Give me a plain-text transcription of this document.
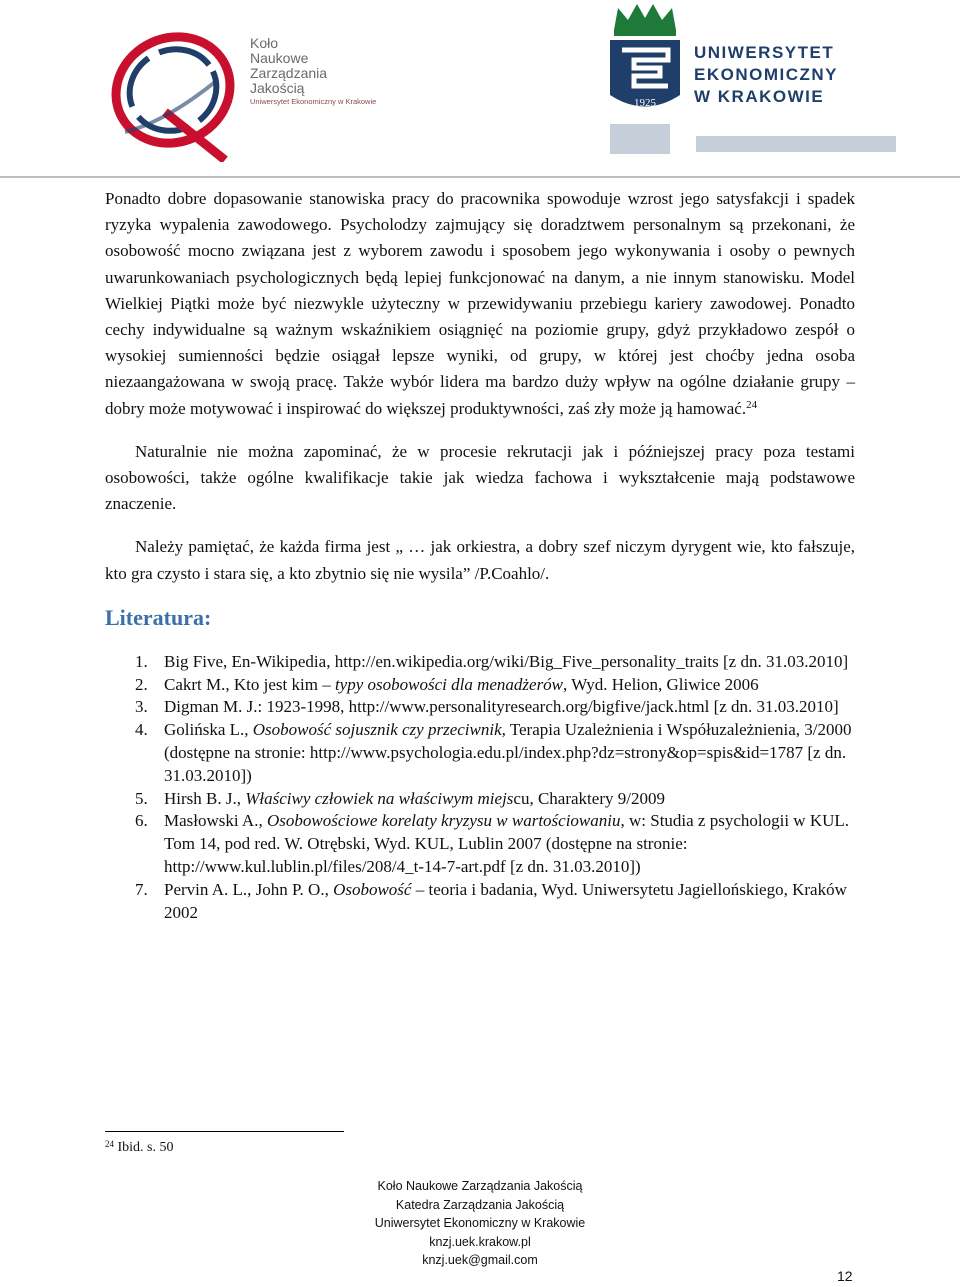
Koło
Naukowe
Zarządzania
Jakością
Uniwersytet Ekonomiczny w Krakowie	1925
UNIWERSYTET
EKONOMICZNY
W KRAKOWIE

Ponadto dobre dopasowanie stanowiska pracy do pracownika spowoduje wzrost jego satysfakcji i spadek ryzyka wypalenia zawodowego. Psycholodzy zajmujący się doradztwem personalnym są przekonani, że osobowość mocno związana jest z wyborem zawodu i sposobem jego wykonywania i osoby o pewnych uwarunkowaniach psychologicznych będą lepiej funkcjonować na danym, a nie innym stanowisku. Model Wielkiej Piątki może być niezwykle użyteczny w przewidywaniu przebiegu kariery zawodowej. Ponadto cechy indywidualne są ważnym wskaźnikiem osiągnięć na poziomie grupy, gdyż przykładowo zespół o wysokiej sumienności będzie osiągał lepsze wyniki, od grupy, w której jest choćby jedna osoba niezaangażowana w swoją pracę. Także wybór lidera ma bardzo duży wpływ na ogólne działanie grupy – dobry może motywować i inspirować do większej produktywności, zaś zły może ją hamować.$^{24}$

Naturalnie nie można zapominać, że w procesie rekrutacji jak i późniejszej pracy poza testami osobowości, także ogólne kwalifikacje takie jak wiedza fachowa i wykształcenie mają podstawowe znaczenie.

Należy pamiętać, że każda firma jest „ … jak orkiestra, a dobry szef niczym dyrygent wie, kto fałszuje, kto gra czysto i stara się, a kto zbytnio się nie wysila” /P.Coahlo/.

Literatura:
1. Big Five, En-Wikipedia, http://en.wikipedia.org/wiki/Big_Five_personality_traits [z dn. 31.03.2010]
2. Cakrt M., Kto jest kim – typy osobowości dla menadżerów, Wyd. Helion, Gliwice 2006
3. Digman M. J.: 1923-1998, http://www.personalityresearch.org/bigfive/jack.html [z dn. 31.03.2010]
4. Golińska L., Osobowość sojusznik czy przeciwnik, Terapia Uzależnienia i Współuzależnienia, 3/2000 (dostępne na stronie: http://www.psychologia.edu.pl/index.php?dz=strony&op=spis&id=1787 [z dn. 31.03.2010])
5. Hirsh B. J., Właściwy człowiek na właściwym miejscu, Charaktery 9/2009
6. Masłowski A., Osobowościowe korelaty kryzysu w wartościowaniu, w: Studia z psychologii w KUL. Tom 14, pod red. W. Otrębski, Wyd. KUL, Lublin 2007 (dostępne na stronie: http://www.kul.lublin.pl/files/208/4_t-14-7-art.pdf [z dn. 31.03.2010])
7. Pervin A. L., John P. O., Osobowość – teoria i badania, Wyd. Uniwersytetu Jagiellońskiego, Kraków 2002
$^{24}$ Ibid. s. 50
Koło Naukowe Zarządzania Jakością
Katedra Zarządzania Jakością
Uniwersytet Ekonomiczny w Krakowie
knzj.uek.krakow.pl
knzj.uek@gmail.com
12
